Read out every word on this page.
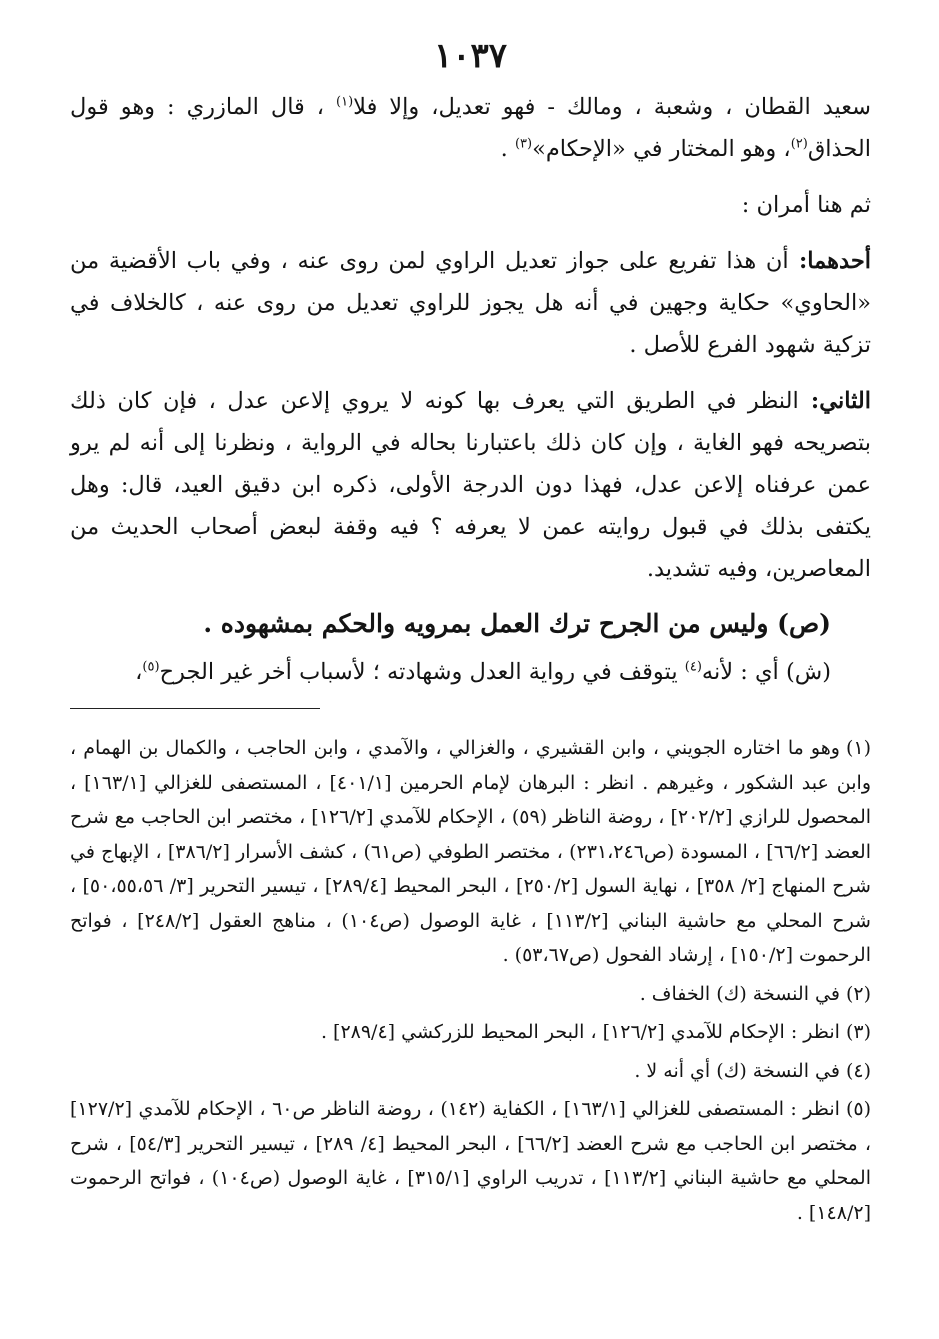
١٠٣٧

سعيد القطان ، وشعبة ، ومالك - فهو تعديل، وإلا فلا$^{(١)}$ ، قال المازري : وهو قول الحذاق$^{(٢)}$، وهو المختار في «الإحكام»$^{(٣)}$ .

ثم هنا أمران :

أحدهما: أن هذا تفريع على جواز تعديل الراوي لمن روى عنه ، وفي باب الأقضية من «الحاوي» حكاية وجهين في أنه هل يجوز للراوي تعديل من روى عنه ، كالخلاف في تزكية شهود الفرع للأصل .

الثاني: النظر في الطريق التي يعرف بها كونه لا يروي إلاعن عدل ، فإن كان ذلك بتصريحه فهو الغاية ، وإن كان ذلك باعتبارنا بحاله في الرواية ، ونظرنا إلى أنه لم يرو عمن عرفناه إلاعن عدل، فهذا دون الدرجة الأولى، ذكره ابن دقيق العيد، قال: وهل يكتفى بذلك في قبول روايته عمن لا يعرفه ؟ فيه وقفة لبعض أصحاب الحديث من المعاصرين، وفيه تشديد.

(ص) وليس من الجرح ترك العمل بمرويه والحكم بمشهوده .

(ش) أي : لأنه$^{(٤)}$ يتوقف في رواية العدل وشهادته ؛ لأسباب أخر غير الجرح$^{(٥)}$،

(١)وهو ما اختاره الجويني ، وابن القشيري ، والغزالي ، والآمدي ، وابن الحاجب ، والكمال بن الهمام ، وابن عبد الشكور ، وغيرهم . انظر : البرهان لإمام الحرمين [٤٠١/١] ، المستصفى للغزالي [١٦٣/١] ، المحصول للرازي [٢٠٢/٢] ، روضة الناظر (٥٩) ، الإحكام للآمدي [١٢٦/٢] ، مختصر ابن الحاجب مع شرح العضد [٦٦/٢] ، المسودة (ص٢٣١،٢٤٦) ، مختصر الطوفي (ص٦١) ، كشف الأسرار [٣٨٦/٢] ، الإبهاج في شرح المنهاج [٢/ ٣٥٨] ، نهاية السول [٢٥٠/٢] ، البحر المحيط [٢٨٩/٤] ، تيسير التحرير [٣/ ٥٠،٥٥،٥٦] ، شرح المحلي مع حاشية البناني [١١٣/٢] ، غاية الوصول (ص١٠٤) ، مناهج العقول [٢٤٨/٢] ، فواتح الرحموت [١٥٠/٢] ، إرشاد الفحول (ص٥٣،٦٧) .

(٢)في النسخة (ك) الخفاف .

(٣)انظر : الإحكام للآمدي [١٢٦/٢] ، البحر المحيط للزركشي [٢٨٩/٤] .

(٤)في النسخة (ك) أي أنه لا .

(٥)انظر : المستصفى للغزالي [١٦٣/١] ، الكفاية (١٤٢) ، روضة الناظر ص٦٠ ، الإحكام للآمدي [١٢٧/٢] ، مختصر ابن الحاجب مع شرح العضد [٦٦/٢] ، البحر المحيط [٤/ ٢٨٩] ، تيسير التحرير [٥٤/٣] ، شرح المحلي مع حاشية البناني [١١٣/٢] ، تدريب الراوي [٣١٥/١] ، غاية الوصول (ص١٠٤) ، فواتح الرحموت [١٤٨/٢] .
